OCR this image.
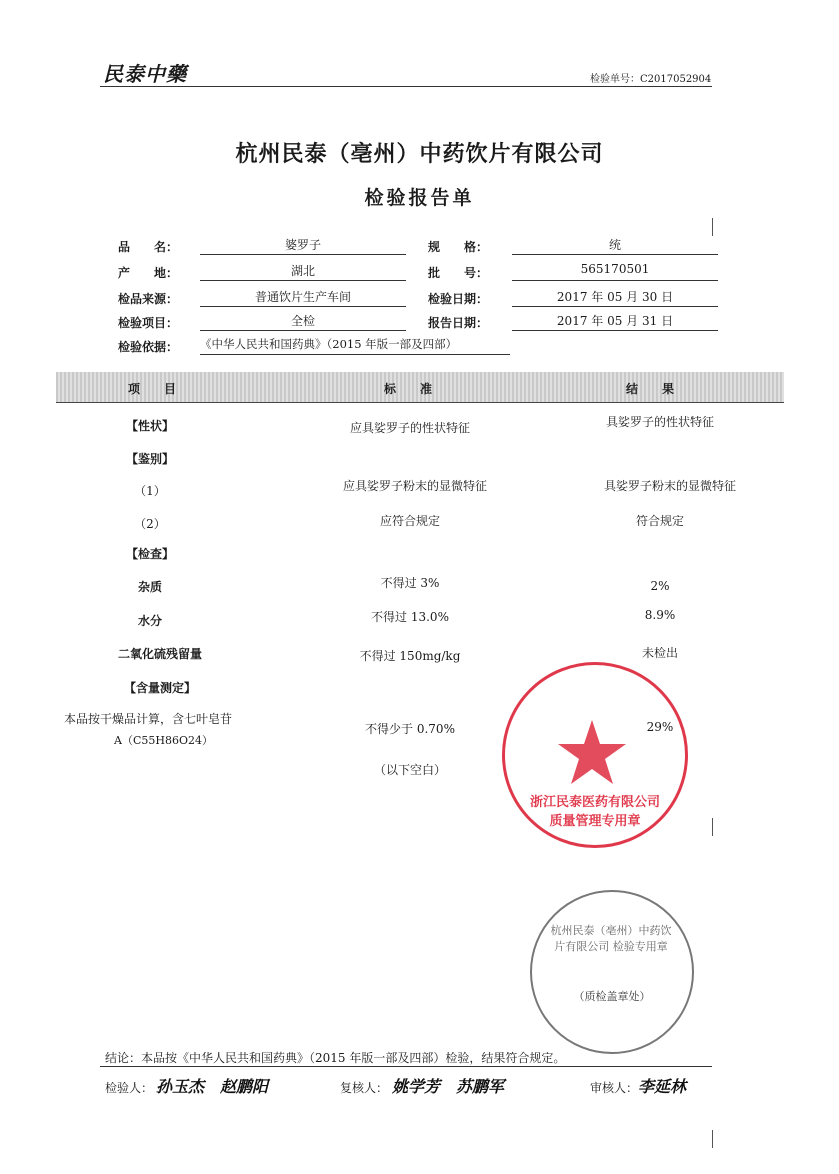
民泰中藥	检验单号：C2017052904
杭州民泰（亳州）中药饮片有限公司
检验报告单
品　　名：	婆罗子	规　　格：	统
产　　地：	湖北	批　　号：	565170501
检品来源：	普通饮片生产车间	检验日期：	2017 年 05 月 30 日
检验项目：	全检	报告日期：	2017 年 05 月 31 日
检验依据： 《中华人民共和国药典》（2015 年版一部及四部）
项　　目	标　　准	结　　果
【性状】	应具娑罗子的性状特征	具娑罗子的性状特征
【鉴别】
（1）	应具娑罗子粉末的显微特征	具娑罗子粉末的显微特征
（2）	应符合规定	符合规定
【检查】
杂质	不得过 3%	2%
水分	不得过 13.0%	8.9%
二氧化硫残留量	不得过 150mg/kg	未检出
【含量测定】
本品按干燥品计算，含七叶皂苷
A（C55H86O24）
不得少于 0.70%	29%
（以下空白）
浙江民泰医药有限公司 质量管理专用章
杭州民泰（亳州）中药饮片有限公司 检验专用章
（质检盖章处）
结论：本品按《中华人民共和国药典》（2015 年版一部及四部）检验，结果符合规定。
检验人： 孙玉杰　赵鹏阳	复核人： 姚学芳　苏鹏军	审核人： 李延林
